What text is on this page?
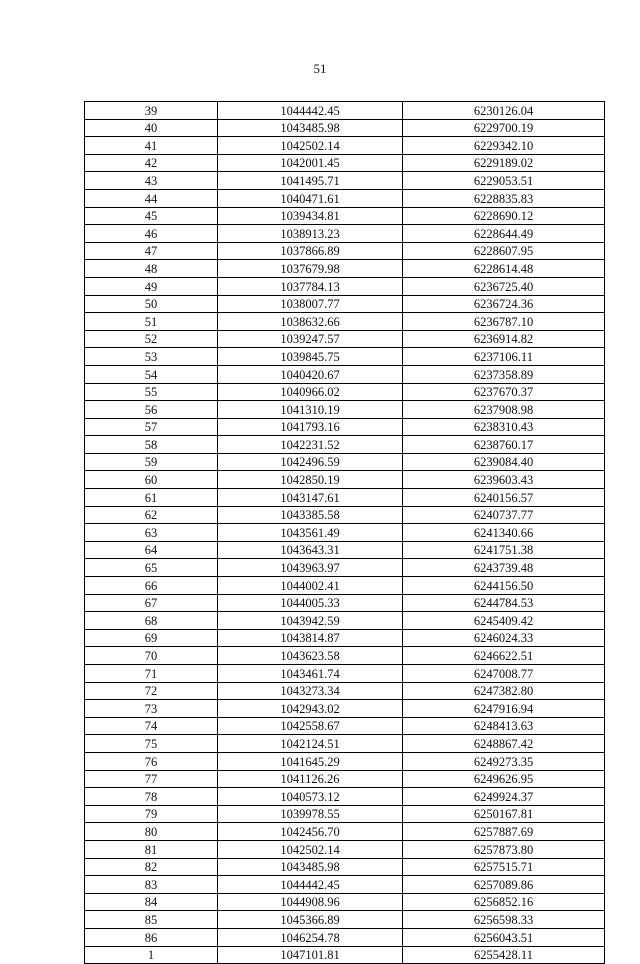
51
39	1044442.45	6230126.04
40	1043485.98	6229700.19
41	1042502.14	6229342.10
42	1042001.45	6229189.02
43	1041495.71	6229053.51
44	1040471.61	6228835.83
45	1039434.81	6228690.12
46	1038913.23	6228644.49
47	1037866.89	6228607.95
48	1037679.98	6228614.48
49	1037784.13	6236725.40
50	1038007.77	6236724.36
51	1038632.66	6236787.10
52	1039247.57	6236914.82
53	1039845.75	6237106.11
54	1040420.67	6237358.89
55	1040966.02	6237670.37
56	1041310.19	6237908.98
57	1041793.16	6238310.43
58	1042231.52	6238760.17
59	1042496.59	6239084.40
60	1042850.19	6239603.43
61	1043147.61	6240156.57
62	1043385.58	6240737.77
63	1043561.49	6241340.66
64	1043643.31	6241751.38
65	1043963.97	6243739.48
66	1044002.41	6244156.50
67	1044005.33	6244784.53
68	1043942.59	6245409.42
69	1043814.87	6246024.33
70	1043623.58	6246622.51
71	1043461.74	6247008.77
72	1043273.34	6247382.80
73	1042943.02	6247916.94
74	1042558.67	6248413.63
75	1042124.51	6248867.42
76	1041645.29	6249273.35
77	1041126.26	6249626.95
78	1040573.12	6249924.37
79	1039978.55	6250167.81
80	1042456.70	6257887.69
81	1042502.14	6257873.80
82	1043485.98	6257515.71
83	1044442.45	6257089.86
84	1044908.96	6256852.16
85	1045366.89	6256598.33
86	1046254.78	6256043.51
1	1047101.81	6255428.11
